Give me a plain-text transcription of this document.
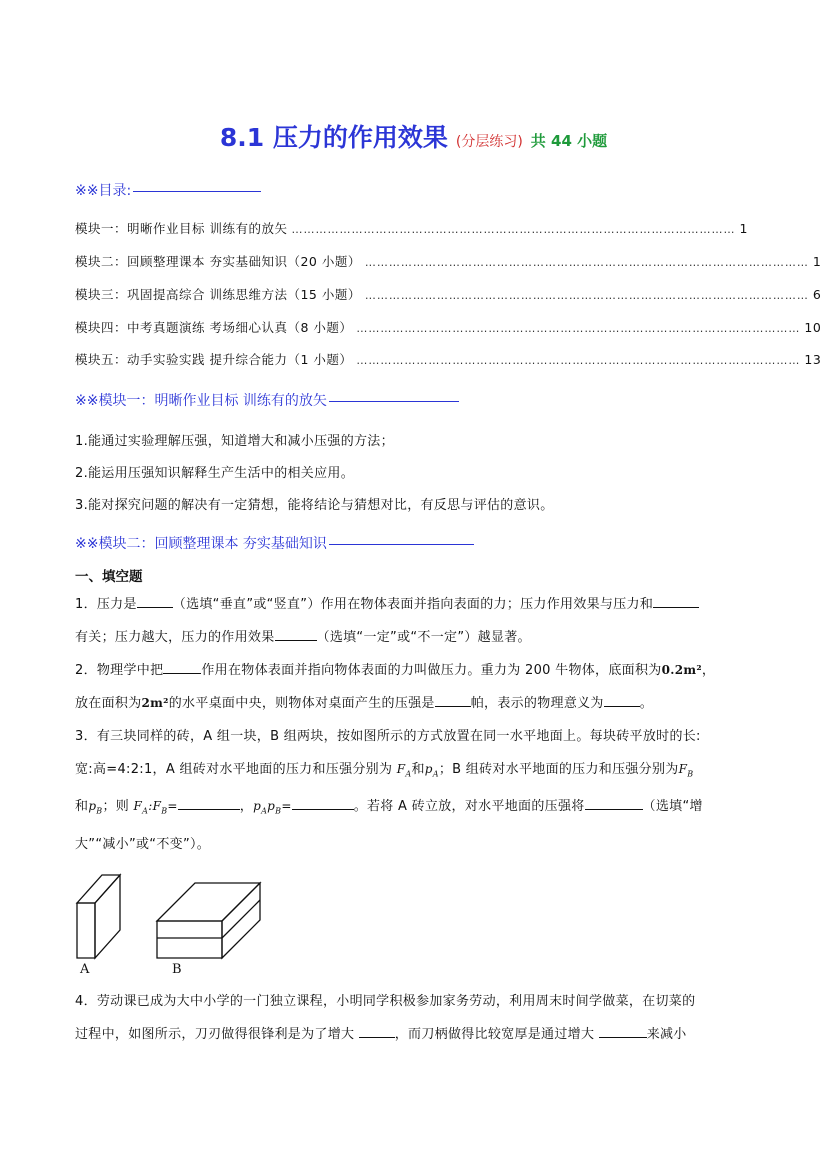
8.1 压力的作用效果 (分层练习) 共 44 小题
※※目录:
模块一：明晰作业目标 训练有的放矢 ………………………………………………………………………………………………… 1
模块二：回顾整理课本 夯实基础知识（20 小题） ………………………………………………………………………………………………… 1
模块三：巩固提高综合 训练思维方法（15 小题） ………………………………………………………………………………………………… 6
模块四：中考真题演练 考场细心认真（8 小题） ………………………………………………………………………………………………… 10
模块五：动手实验实践 提升综合能力（1 小题） ………………………………………………………………………………………………… 13
※※模块一：明晰作业目标 训练有的放矢
1.能通过实验理解压强，知道增大和减小压强的方法；
2.能运用压强知识解释生产生活中的相关应用。
3.能对探究问题的解决有一定猜想，能将结论与猜想对比，有反思与评估的意识。
※※模块二：回顾整理课本 夯实基础知识
一、填空题
1．压力是	（选填“垂直”或“竖直”）作用在物体表面并指向表面的力；压力作用效果与压力和
有关；压力越大，压力的作用效果	（选填“一定”或“不一定”）越显著。
2．物理学中把	作用在物体表面并指向物体表面的力叫做压力。重力为 200 牛物体，底面积为0.2m²，
放在面积为2m²的水平桌面中央，则物体对桌面产生的压强是	帕，表示的物理意义为	。
3．有三块同样的砖，A 组一块，B 组两块，按如图所示的方式放置在同一水平地面上。每块砖平放时的长:
宽:高=4:2:1，A 组砖对水平地面的压力和压强分别为 $F_A$和$p_A$；B 组砖对水平地面的压力和压强分别为$F_B$
和$p_B$；则 $F_A:F_B=$	，$p_Ap_B=$	。若将 A 砖立放，对水平地面的压强将	（选填“增
大”“减小”或“不变”）。
A	B
4．劳动课已成为大中小学的一门独立课程，小明同学积极参加家务劳动，利用周末时间学做菜，在切菜的
过程中，如图所示，刀刃做得很锋利是为了增大	，而刀柄做得比较宽厚是通过增大	来减小
